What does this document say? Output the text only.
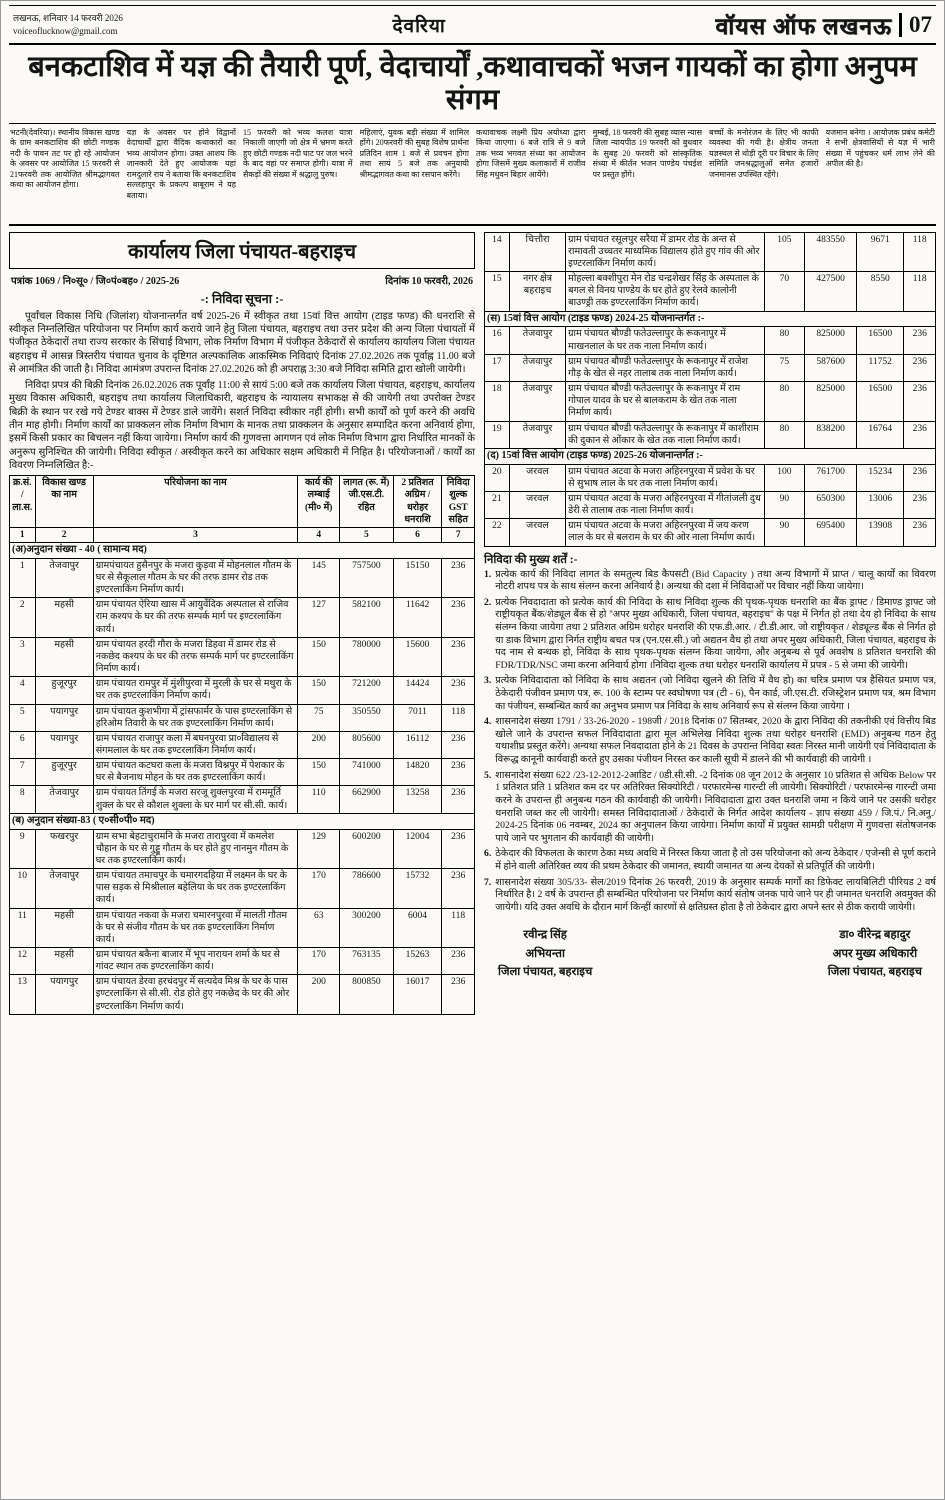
लखनऊ, शनिवार 14 फरवरी 2026
voiceoflucknow@gmail.com	देवरिया	वॉयस ऑफ लखनऊ 07
बनकटाशिव में यज्ञ की तैयारी पूर्ण, वेदाचार्यों ,कथावाचकों भजन गायकों का होगा अनुपम संगम
भटनी(देवरिया)। स्थानीय विकास खण्ड के ग्राम बनकटाशिव की छोटी गण्डक नदी के पावन तट पर हो रहे आयोजन के अवसर पर आयोजित 15 फरवरी से 21फरवरी तक आयोजित श्रीमद्भागवत कथा का आयोजन होगा।
यज्ञ के अवसर पर होने विद्वानों वेदाचार्यों द्वारा वैदिक कथाकारों का भव्य आयोजन होगा। उक्त आशय कि जानकारी देते हुए आयोजक यहां रामदुलारे राय ने बताया कि बनकटाशिव सल्लहापुर के प्रकल्प बाबूराम ने यह बताया।
15 फरवरी को भव्य कलश यात्रा निकाली जाएगी जो क्षेत्र में भ्रमण करते हुए छोटी गण्डक नदी घाट पर जल भरने के बाद वहां पर समाप्त होगी। यात्रा में सैकड़ों की संख्या में श्रद्धालु पुरुष।
महिलाएं, युवक बड़ी संख्या में शामिल होंगे। 20फरवरी की सुबह विशेष प्रार्थना प्रतिदिन शाम 1 बजे से प्रवचन होगा तथा सायं 5 बजे तक अनुयायी श्रीमद्भागवत कथा का रसपान करेंगे।
कथावाचक लक्ष्मी प्रिय अयोध्या द्वारा किया जाएगा। 6 बजे रात्रि से 9 बजे तक भव्य भगवत संध्या का आयोजन होगा जिसमें मुख्य कलाकारों में राजीव सिंह मधुवन बिहार आयेंगे।
मुम्बई, 18 फरवरी की सुबह व्यास न्यास जिला न्यायपीठ 19 फरवरी को बुधवार के सुबह 20 फरवरी को सांस्कृतिक संध्या में कीर्तन भजन पाण्डेय पंचईश पर प्रस्तुत होंगे।
बच्चों के मनोरंजन के लिए भी काफी व्यवस्था की गयी है। क्षेत्रीय जनता यज्ञस्थल से थोड़ी दूरी पर विचार के लिए समिति जनश्रद्धालुओं समेत हजारों जनमानस उपस्थित रहेंगे।
यजमान बनेगा । आयोजक प्रबंध कमेटी ने सभी क्षेत्रवासियों से यज्ञ में भारी संख्या में पहुंचकर धर्म लाभ लेने की अपील की है।
कार्यालय जिला पंचायत-बहराइच
पत्रांक 1069 / नि०सू० / जि०पं०बह० / 2025-26	दिनांक 10 फरवरी, 2026
-: निविदा सूचना :-

पूर्वांचल विकास निधि (जिलांश) योजनान्तर्गत वर्ष 2025-26 में स्वीकृत तथा 15वां वित्त आयोग (टाइड फण्ड) की धनराशि से स्वीकृत निम्नलिखित परियोजना पर निर्माण कार्य कराये जाने हेतु जिला पंचायत, बहराइच तथा उत्तर प्रदेश की अन्य जिला पंचायतों में पंजीकृत ठेकेदारों तथा राज्य सरकार के सिंचाई विभाग, लोक निर्माण विभाग में पंजीकृत ठेकेदारों से कार्यालय कार्यालय जिला पंचायत बहराइच में आसन्न त्रिस्तरीय पंचायत चुनाव के दृष्टिगत अल्पकालिक आकस्मिक निविदाएं दिनांक 27.02.2026 तक पूर्वाह्न 11.00 बजे से आमंत्रित की जाती है। निविदा आमंत्रण उपरान्त दिनांक 27.02.2026 को ही अपराह्न 3:30 बजे निविदा समिति द्वारा खोली जायेगी।

निविदा प्रपत्र की बिक्री दिनांक 26.02.2026 तक पूर्वांह 11:00 से सायं 5:00 बजे तक कार्यालय जिला पंचायत, बहराइच, कार्यालय मुख्य विकास अधिकारी, बहराइच तथा कार्यालय जिलाधिकारी, बहराइच के न्यायालय सभाकक्ष से की जायेगी तथा उपरोक्त टेण्डर बिक्री के स्थान पर रखे गये टेण्डर बाक्स में टेण्डर डाले जायेंगे। सशर्त निविदा स्वीकार नहीं होगी। सभी कार्यों को पूर्ण करने की अवधि तीन माह होगी। निर्माण कार्यों का प्राक्कलन लोक निर्माण विभाग के मानक तथा प्राक्कलन के अनुसार सम्पादित करना अनिवार्य होगा, इसमें किसी प्रकार का बिचलन नहीं किया जायेगा। निर्माण कार्य की गुणवत्ता आगणन एवं लोक निर्माण विभाग द्वारा निर्धारित मानकों के अनुरूप सुनिश्चित की जायेगी। निविदा स्वीकृत / अस्वीकृत करने का अधिकार सक्षम अधिकारी में निहित है। परियोजनाओं / कार्यों का विवरण निम्नलिखित है:-

क्र.सं. /ला.स.	विकास खण्ड का नाम	परियोजना का नाम	कार्य की लम्बाई (मी० में)	लागत (रू. में) जी.एस.टी. रहित	2 प्रतिशत अग्रिम / धरोहर धनराशि	निविदा शुल्क GST सहित
1	2	3	4	5	6	7
(अ)अनुदान संख्या - 40 ( सामान्य मद)						
1	तेजवापुर	ग्रामपंचायत हुसैनपुर के मजरा कुड़वा में मोहनलाल गौतम के घर से सैकूलाल गौतम के घर की तरफ डामर रोड तक इण्टरलाकिंग निर्माण कार्य।	145	757500	15150	236
2	महसी	ग्राम पंचायत ऐरिया खास में आयुर्वेदिक अस्पताल से राजिव राम कश्यप के घर की तरफ सम्पर्क मार्ग पर इण्टरलाकिंग कार्य।	127	582100	11642	236
3	महसी	ग्राम पंचायत हरदी गौरा के मजरा डिहवा में डामर रोड से नकछेद कश्यप के घर की तरफ सम्पर्क मार्ग पर इण्टरलाकिंग निर्माण कार्य।	150	780000	15600	236
4	हुजूरपुर	ग्राम पंचायत रामपुर में मुंशीपुरवा में मुरली के घर से मथुरा के घर तक इण्टरलाकिंग निर्माण कार्य।	150	721200	14424	236
5	पयागपुर	ग्राम पंचायत कुशभीगा में ट्रांसफार्मर के पास इण्टरलाकिंग से हरिओम तिवारी के घर तक इण्टरलाकिंग निर्माण कार्य।	75	350550	7011	118
6	पयागपुर	ग्राम पंचायत राजापुर कला में बघनपुरवा प्रा०विद्यालय से संगमलाल के घर तक इण्टरलाकिंग निर्माण कार्य।	200	805600	16112	236
7	हुजूरपुर	ग्राम पंचायत कटघरा कला के मजरा विश्नपुर में पेशकार के घर से बैजनाथ मोहन के घर तक इण्टरलाकिंग कार्य।	150	741000	14820	236
8	तेजवापुर	ग्राम पंचायत तिंगई के मजरा सरजू शुक्लपुरवा में राममूर्ति शुक्ल के घर से कौशल शुक्ला के घर मार्ग पर सी.सी. कार्य।	110	662900	13258	236
(ब) अनुदान संख्या-83 ( ए०सी०पी० मद)						
9	फखरपुर	ग्राम सभा बेहटाचुरामनि के मजरा तारापुरवा में कमलेश चौहान के घर से गुड्डू गौतम के घर होते हुए नानमुन गौतम के घर तक इण्टरलाकिंग कार्य।	129	600200	12004	236
10	तेजवापुर	ग्राम पंचायत तमाचपुर के चमारगदहिया में लक्ष्मन के घर के पास सड़क से मिश्रीलाल बहेलिया के घर तक इण्टरलाकिंग कार्य।	170	786600	15732	236
11	महसी	ग्राम पंचायत नकवा के मजरा चमारनपुरवा में मालती गौतम के घर से संजीव गौतम के घर तक इण्टरलाकिंग निर्माण कार्य।	63	300200	6004	118
12	महसी	ग्राम पंचायत बकैना बाजार में भूप नारायन शर्मा के घर से गांवट स्थान तक इण्टरलाकिंग कार्य।	170	763135	15263	236
13	पयागपुर	ग्राम पंचायत डेरवा हरचंदपुर में सत्यदेव मिश्र के घर के पास इण्टरलाकिंग से सी.सी. रोड होते हुए नकछेद के घर की ओर इण्टरलाकिंग निर्माण कार्य।	200	800850	16017	236
14	चित्तौरा	ग्राम पंचायत रसूलपुर सरैया में डामर रोड के अन्त से रामावती उच्चतर माध्यमिक विद्यालय होते हुए गांव की ओर इण्टरलाकिंग निर्माण कार्य।	105	483550	9671	118
15	नगर क्षेत्र बहराइच	मोहल्ला बक्शीपुरा मेन रोड चन्द्रशेखर सिंह के अस्पताल के बगल से विनय पाण्डेय के घर होते हुए रेलवे कालोनी बाउण्ड्री तक इण्टरलाकिंग निर्माण कार्य।	70	427500	8550	118
(स) 15वां वित्त आयोग (टाइड फण्ड) 2024-25 योजनान्तर्गत :-						
16	तेजवापुर	ग्राम पंचायत बौण्डी फतेउल्लापुर के रूकनापुर में माखनलाल के घर तक नाला निर्माण कार्य।	80	825000	16500	236
17	तेजवापुर	ग्राम पंचायत बौण्डी फतेउल्लापुर के रूकनापुर में राजेश गौड़ के खेत से नहर तालाब तक नाला निर्माण कार्य।	75	587600	11752	236
18	तेजवापुर	ग्राम पंचायत बौण्डी फतेउल्लापुर के रूकनापुर में राम गोपाल यादव के घर से बालकराम के खेत तक नाला निर्माण कार्य।	80	825000	16500	236
19	तेजवापुर	ग्राम पंचायत बौण्डी फतेउल्लापुर के रूकनापुर में काशीराम की दुकान से ओंकार के खेत तक नाला निर्माण कार्य।	80	838200	16764	236
(द) 15वां वित्त आयोग (टाइड फण्ड) 2025-26 योजनान्तर्गत :-						
20	जरवल	ग्राम पंचायत अटवा के मजरा अहिरनपुरवा में प्रवेश के घर से सुभाष लाल के घर तक नाला निर्माण कार्य।	100	761700	15234	236
21	जरवल	ग्राम पंचायत अटवा के मजरा अहिरनपुरवा में गीतांजली दुध डेरी से तालाब तक नाला निर्माण कार्य।	90	650300	13006	236
22	जरवल	ग्राम पंचायत अटवा के मजरा अहिरनपुरवा में जय करण लाल के घर से बलराम के घर की ओर नाला निर्माण कार्य।	90	695400	13908	236
निविदा की मुख्य शर्तें :-
1. प्रत्येक कार्य की निविदा लागत के समतुल्य बिड कैपसटी (Bid Capacity ) तथा अन्य विभागों में प्राप्त / चालू कार्यों का विवरण नोटरी शपथ पत्र के साथ संलग्न करना अनिवार्य है। अन्यथा की दशा में निविदाओं पर विचार नहीं किया जायेगा।
2. प्रत्येक निवदादाता को प्रत्येक कार्य की निविदा के साथ निविदा शुल्क की पृथक-पृथक धनराशि का बैंक ड्राफ्ट / डिमाण्ड ड्राफ्ट जो राष्ट्रीयकृत बैंक/शेड्यूल बैंक से हो ''अपर मुख्य अधिकारी, जिला पंचायत, बहराइच'' के पक्ष में निर्गत हो तथा देय हो निविदा के साथ संलग्न किया जायेगा तथा 2 प्रतिशत अग्रिम धरोहर धनराशि की एफ.डी.आर. / टी.डी.आर. जो राष्ट्रीयकृत / शेड्यूल्ड बैंक से निर्गत हो या डाक विभाग द्वारा निर्गत राष्ट्रीय बचत पत्र (एन.एस.सी.) जो अद्यतन वैध हो तथा अपर मुख्य अधिकारी, जिला पंचायत, बहराइच के पद नाम से बन्धक हो, निविदा के साथ पृथक-पृथक संलग्न किया जायेगा, और अनुबन्ध से पूर्व अवशेष 8 प्रतिशत धनराशि की FDR/TDR/NSC जमा करना अनिवार्य होगा ।निविदा शुल्क तथा धरोहर धनराशि कार्यालय में प्रपत्र - 5 से जमा की जायेगी।
3. प्रत्येक निविदादाता को निविदा के साथ अद्यतन (जो निविदा खुलने की तिथि में वैध हो) का चरित्र प्रमाण पत्र हैसियत प्रमाण पत्र, ठेकेदारी पंजीवन प्रमाण पत्र, रू. 100 के स्टाम्प पर स्वघोषणा पत्र (टी - 6), पैन कार्ड, जी.एस.टी. रजिस्ट्रेशन प्रमाण पत्र, श्रम विभाग का पंजीयन, सम्बन्धित कार्य का अनुभव प्रमाण पत्र निविदा के साथ अनिवार्य रूप से संलग्न किया जायेगा ।
4. शासनादेश संख्या 1791 / 33-26-2020 - 198जी / 2018 दिनांक 07 सितम्बर, 2020 के द्वारा निविदा की तकनीकी एवं वित्तीय बिड खोले जाने के उपरान्त सफल निविदादाता द्वारा मूल अभिलेख निविदा शुल्क तथा धरोहर धनराशि (EMD) अनुबन्ध गठन हेतु यथाशीघ्र प्रस्तुत करेंगे। अन्यथा सफल निवदादाता होने के 21 दिवस के उपरान्त निविदा स्वतः निरस्त मानी जायेगी एवं निविदादाता के विरूद्ध कानूनी कार्यवाही करते हुए उसका पंजीयन निरस्त कर काली सूची में डालने की भी कार्यवाही की जायेगी ।
5. शासनादेश संख्या 622 /23-12-2012-2आडिट / 0डी.सी.सी. -2 दिनांक 08 जून 2012 के अनुसार 10 प्रतिशत से अधिक Below पर 1 प्रतिशत प्रति 1 प्रतिशत कम दर पर अतिरिक्त सिक्योरिटी / परफारमेन्स गारन्टी ली जायेगी। सिक्योरिटी / परफारमेन्स गारन्टी जमा करने के उपरान्त ही अनुबन्ध गठन की कार्यवाही की जायेगी। निविदादाता द्वारा उक्त धनराशि जमा न किये जाने पर उसकी धरोहर धनराशि जब्त कर ली जायेगी। समस्त निविदादाताओं / ठेकेदारों के निर्गत आदेश कार्यालय - ज्ञाप संख्या 459 / जि.पं./ नि.अनु./ 2024-25 दिनांक 06 नवम्बर, 2024 का अनुपालन किया जायेगा। निर्माण कार्यों में प्रयुक्त सामग्री परीक्षण में गुणवत्ता संतोषजनक पाये जाने पर भुगतान की कार्यवाही की जायेगी।
6. ठेकेदार की विफलता के कारण ठेका मध्य अवधि में निरस्त किया जाता है तो उस परियोजना को अन्य ठेकेदार / एजेन्सी से पूर्ण कराने में होने वाली अतिरिक्त व्यय की प्रथम ठेकेदार की जमानत, स्थायी जमानत या अन्य देयकों से प्रतिपूर्ति की जायेगी।
7. शासनादेश संख्या 305/33- सेल/2019 दिनांक 26 फरवरी, 2019 के अनुसार सम्पर्क मार्गों का डिफेक्ट लायबिलिटी पीरियड 2 वर्ष निर्धारित है। 2 वर्ष के उपरान्त ही सम्बन्धित परियोजना पर निर्माण कार्य संतोष जनक पाये जाने पर ही जमानत धनराशि अवमुक्त की जायेगी। यदि उक्त अवधि के दौरान मार्ग किन्हीं कारणों से क्षतिग्रस्त होता है तो ठेकेदार द्वारा अपने स्तर से ठीक करायी जायेगी।
रवीन्द्र सिंह
अभियन्ता
जिला पंचायत, बहराइच
डा० वीरेन्द्र बहादुर
अपर मुख्य अधिकारी
जिला पंचायत, बहराइच
